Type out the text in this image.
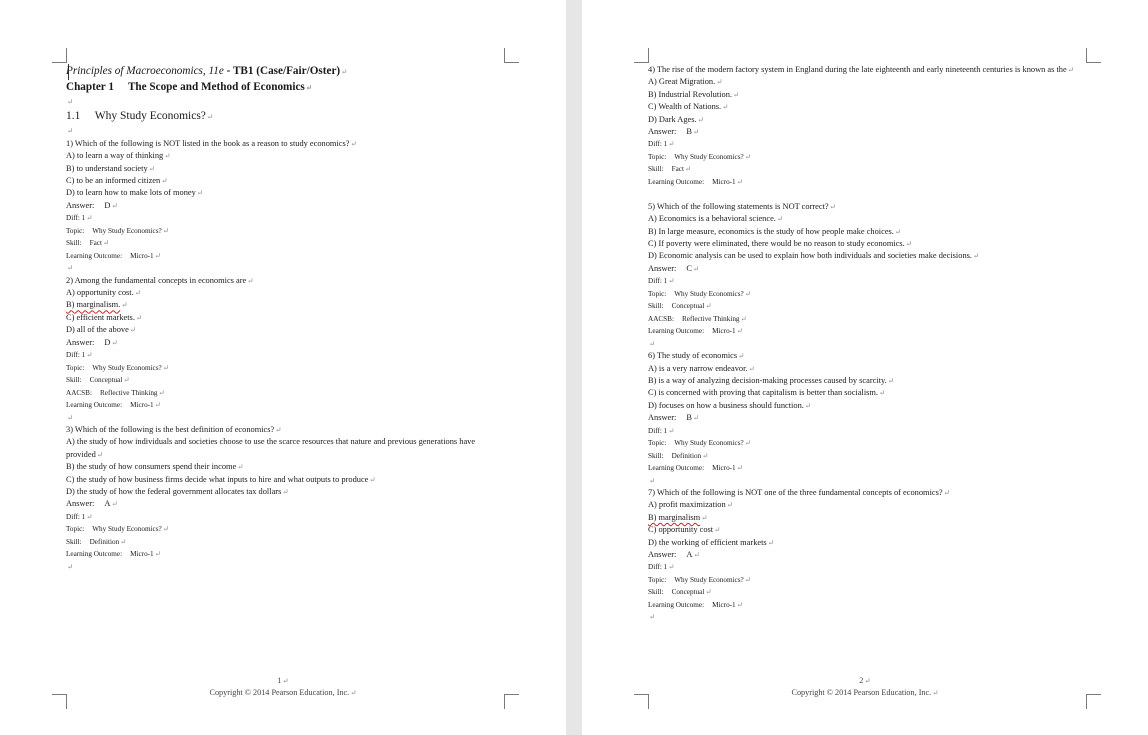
Principles of Macroeconomics, 11e - TB1 (Case/Fair/Oster)↵
Chapter 1 The Scope and Method of Economics↵
↵
1.1 Why Study Economics?↵
↵
1) Which of the following is NOT listed in the book as a reason to study economics?↵
A) to learn a way of thinking↵
B) to understand society↵
C) to be an informed citizen↵
D) to learn how to make lots of money↵
Answer: D↵
Diff: 1↵
Topic: Why Study Economics?↵
Skill: Fact↵
Learning Outcome: Micro-1↵
↵
2) Among the fundamental concepts in economics are↵
A) opportunity cost.↵
B) marginalism.↵
C) efficient markets.↵
D) all of the above↵
Answer: D↵
Diff: 1↵
Topic: Why Study Economics?↵
Skill: Conceptual↵
AACSB: Reflective Thinking↵
Learning Outcome: Micro-1↵
↵
3) Which of the following is the best definition of economics?↵
A) the study of how individuals and societies choose to use the scarce resources that nature and previous generations have provided↵
B) the study of how consumers spend their income↵
C) the study of how business firms decide what inputs to hire and what outputs to produce↵
D) the study of how the federal government allocates tax dollars↵
Answer: A↵
Diff: 1↵
Topic: Why Study Economics?↵
Skill: Definition↵
Learning Outcome: Micro-1↵
↵
1↵
Copyright © 2014 Pearson Education, Inc.↵
4) The rise of the modern factory system in England during the late eighteenth and early nineteenth centuries is known as the↵
A) Great Migration.↵
B) Industrial Revolution.↵
C) Wealth of Nations.↵
D) Dark Ages.↵
Answer: B↵
Diff: 1↵
Topic: Why Study Economics?↵
Skill: Fact↵
Learning Outcome: Micro-1↵
5) Which of the following statements is NOT correct?↵
A) Economics is a behavioral science.↵
B) In large measure, economics is the study of how people make choices.↵
C) If poverty were eliminated, there would be no reason to study economics.↵
D) Economic analysis can be used to explain how both individuals and societies make decisions.↵
Answer: C↵
Diff: 1↵
Topic: Why Study Economics?↵
Skill: Conceptual↵
AACSB: Reflective Thinking↵
Learning Outcome: Micro-1↵
↵
6) The study of economics↵
A) is a very narrow endeavor.↵
B) is a way of analyzing decision-making processes caused by scarcity.↵
C) is concerned with proving that capitalism is better than socialism.↵
D) focuses on how a business should function.↵
Answer: B↵
Diff: 1↵
Topic: Why Study Economics?↵
Skill: Definition↵
Learning Outcome: Micro-1↵
↵
7) Which of the following is NOT one of the three fundamental concepts of economics?↵
A) profit maximization↵
B) marginalism↵
C) opportunity cost↵
D) the working of efficient markets↵
Answer: A↵
Diff: 1↵
Topic: Why Study Economics?↵
Skill: Conceptual↵
Learning Outcome: Micro-1↵
↵
2↵
Copyright © 2014 Pearson Education, Inc.↵
